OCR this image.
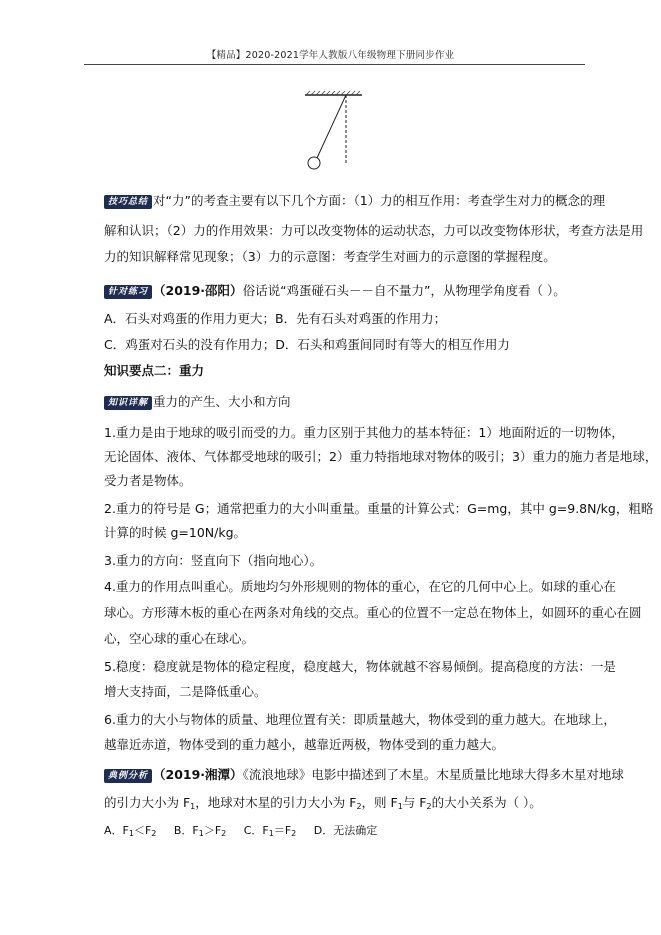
【精品】2020-2021学年人教版八年级物理下册同步作业
技巧总结 对“力”的考查主要有以下几个方面：（1）力的相互作用：考查学生对力的概念的理
解和认识；（2）力的作用效果：力可以改变物体的运动状态，力可以改变物体形状，考查方法是用
力的知识解释常见现象；（3）力的示意图：考查学生对画力的示意图的掌握程度。
针对练习 （2019·邵阳）俗话说“鸡蛋碰石头－－自不量力”，从物理学角度看（ ）。
A．石头对鸡蛋的作用力更大；B．先有石头对鸡蛋的作用力；
C．鸡蛋对石头的没有作用力；D．石头和鸡蛋间同时有等大的相互作用力
知识要点二：重力
知识详解 重力的产生、大小和方向
1.重力是由于地球的吸引而受的力。重力区别于其他力的基本特征：1）地面附近的一切物体，
无论固体、液体、气体都受地球的吸引；2）重力特指地球对物体的吸引；3）重力的施力者是地球，
受力者是物体。
2.重力的符号是 G；通常把重力的大小叫重量。重量的计算公式：G=mg，其中 g=9.8N/kg，粗略
计算的时候 g=10N/kg。
3.重力的方向：竖直向下（指向地心）。
4.重力的作用点叫重心。质地均匀外形规则的物体的重心，在它的几何中心上。如球的重心在
球心。方形薄木板的重心在两条对角线的交点。重心的位置不一定总在物体上，如圆环的重心在圆
心，空心球的重心在球心。
5.稳度：稳度就是物体的稳定程度，稳度越大，物体就越不容易倾倒。提高稳度的方法：一是
增大支持面，二是降低重心。
6.重力的大小与物体的质量、地理位置有关：即质量越大，物体受到的重力越大。在地球上，
越靠近赤道，物体受到的重力越小，越靠近两极，物体受到的重力越大。
典例分析 （2019·湘潭）《流浪地球》电影中描述到了木星。木星质量比地球大得多木星对地球
的引力大小为 $F_1$，地球对木星的引力大小为 $F_2$，则 $F_1$与 $F_2$的大小关系为（ ）。
A．$F_1<F_2$ B．$F_1>F_2$ C．$F_1=F_2$ D．无法确定
